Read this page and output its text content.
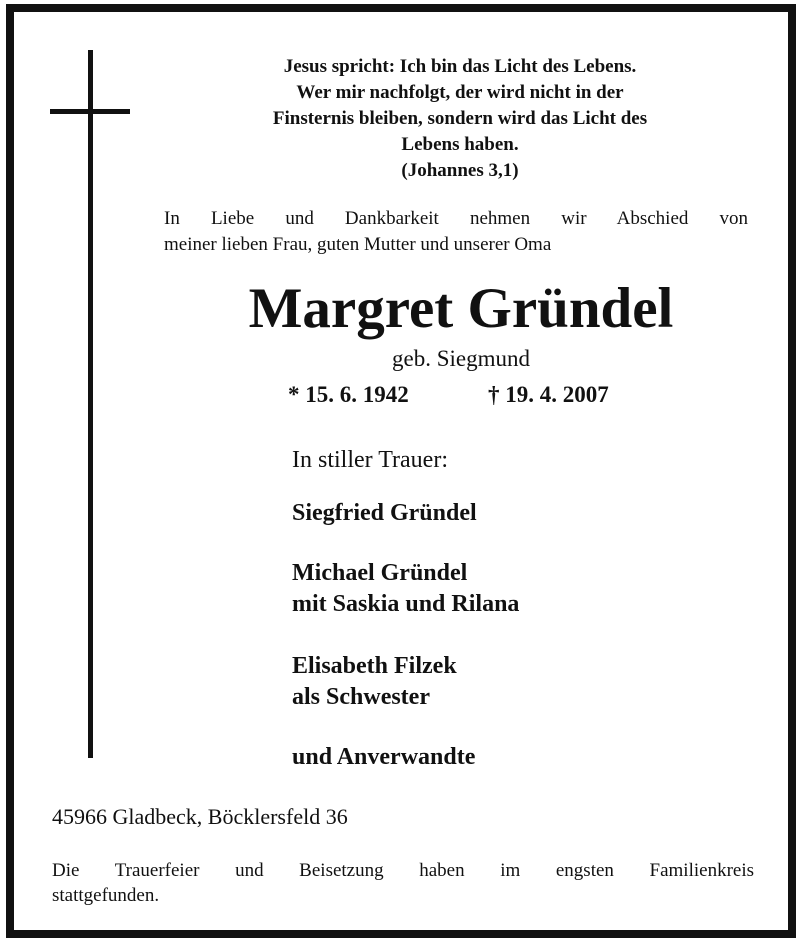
Jesus spricht: Ich bin das Licht des Lebens.
Wer mir nachfolgt, der wird nicht in der
Finsternis bleiben, sondern wird das Licht des
Lebens haben.
(Johannes 3,1)
In Liebe und Dankbarkeit nehmen wir Abschied von
meiner lieben Frau, guten Mutter und unserer Oma
Margret Gründel
geb. Siegmund
* 15. 6. 1942	† 19. 4. 2007
In stiller Trauer:
Siegfried Gründel
Michael Gründel
mit Saskia und Rilana
Elisabeth Filzek
als Schwester
und Anverwandte
45966 Gladbeck, Böcklersfeld 36
Die Trauerfeier und Beisetzung haben im engsten Familienkreis
stattgefunden.
